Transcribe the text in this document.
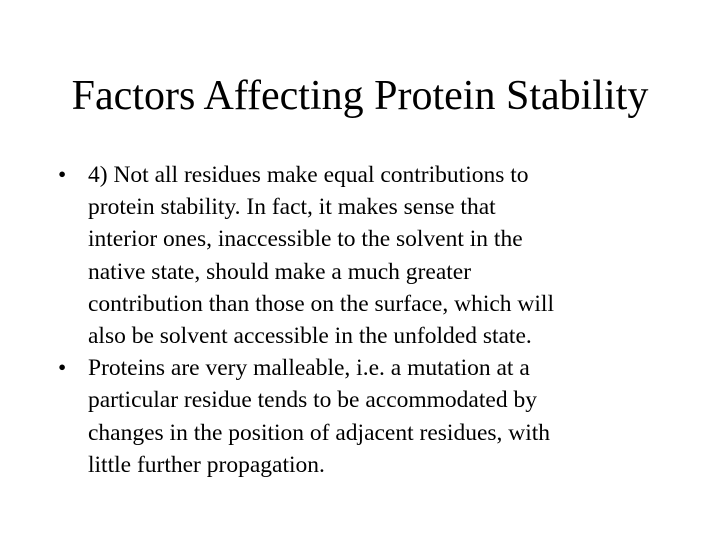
Factors Affecting Protein Stability
• 4) Not all residues make equal contributions to
protein stability. In fact, it makes sense that
interior ones, inaccessible to the solvent in the
native state, should make a much greater
contribution than those on the surface, which will
also be solvent accessible in the unfolded state.
• Proteins are very malleable, i.e. a mutation at a
particular residue tends to be accommodated by
changes in the position of adjacent residues, with
little further propagation.
